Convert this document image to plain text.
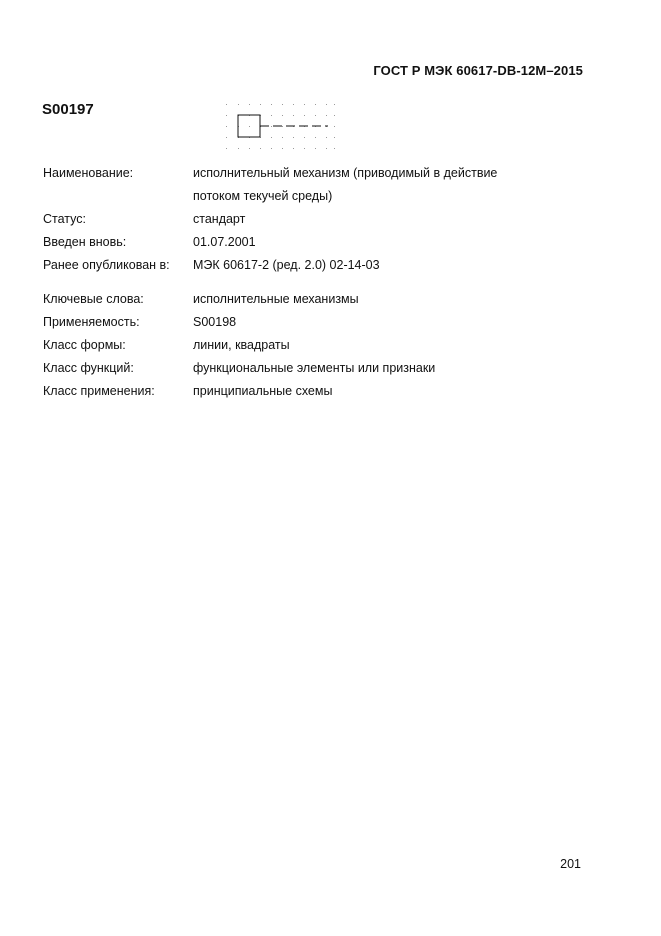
ГОСТ Р МЭК 60617-DB-12M–2015
S00197
Наименование:	исполнительный механизм (приводимый в действие потоком текучей среды)
Статус:	стандарт
Введен вновь:	01.07.2001
Ранее опубликован в:	МЭК 60617-2 (ред. 2.0) 02-14-03
Ключевые слова:	исполнительные механизмы
Применяемость:	S00198
Класс формы:	линии, квадраты
Класс функций:	функциональные элементы или признаки
Класс применения:	принципиальные схемы
201
